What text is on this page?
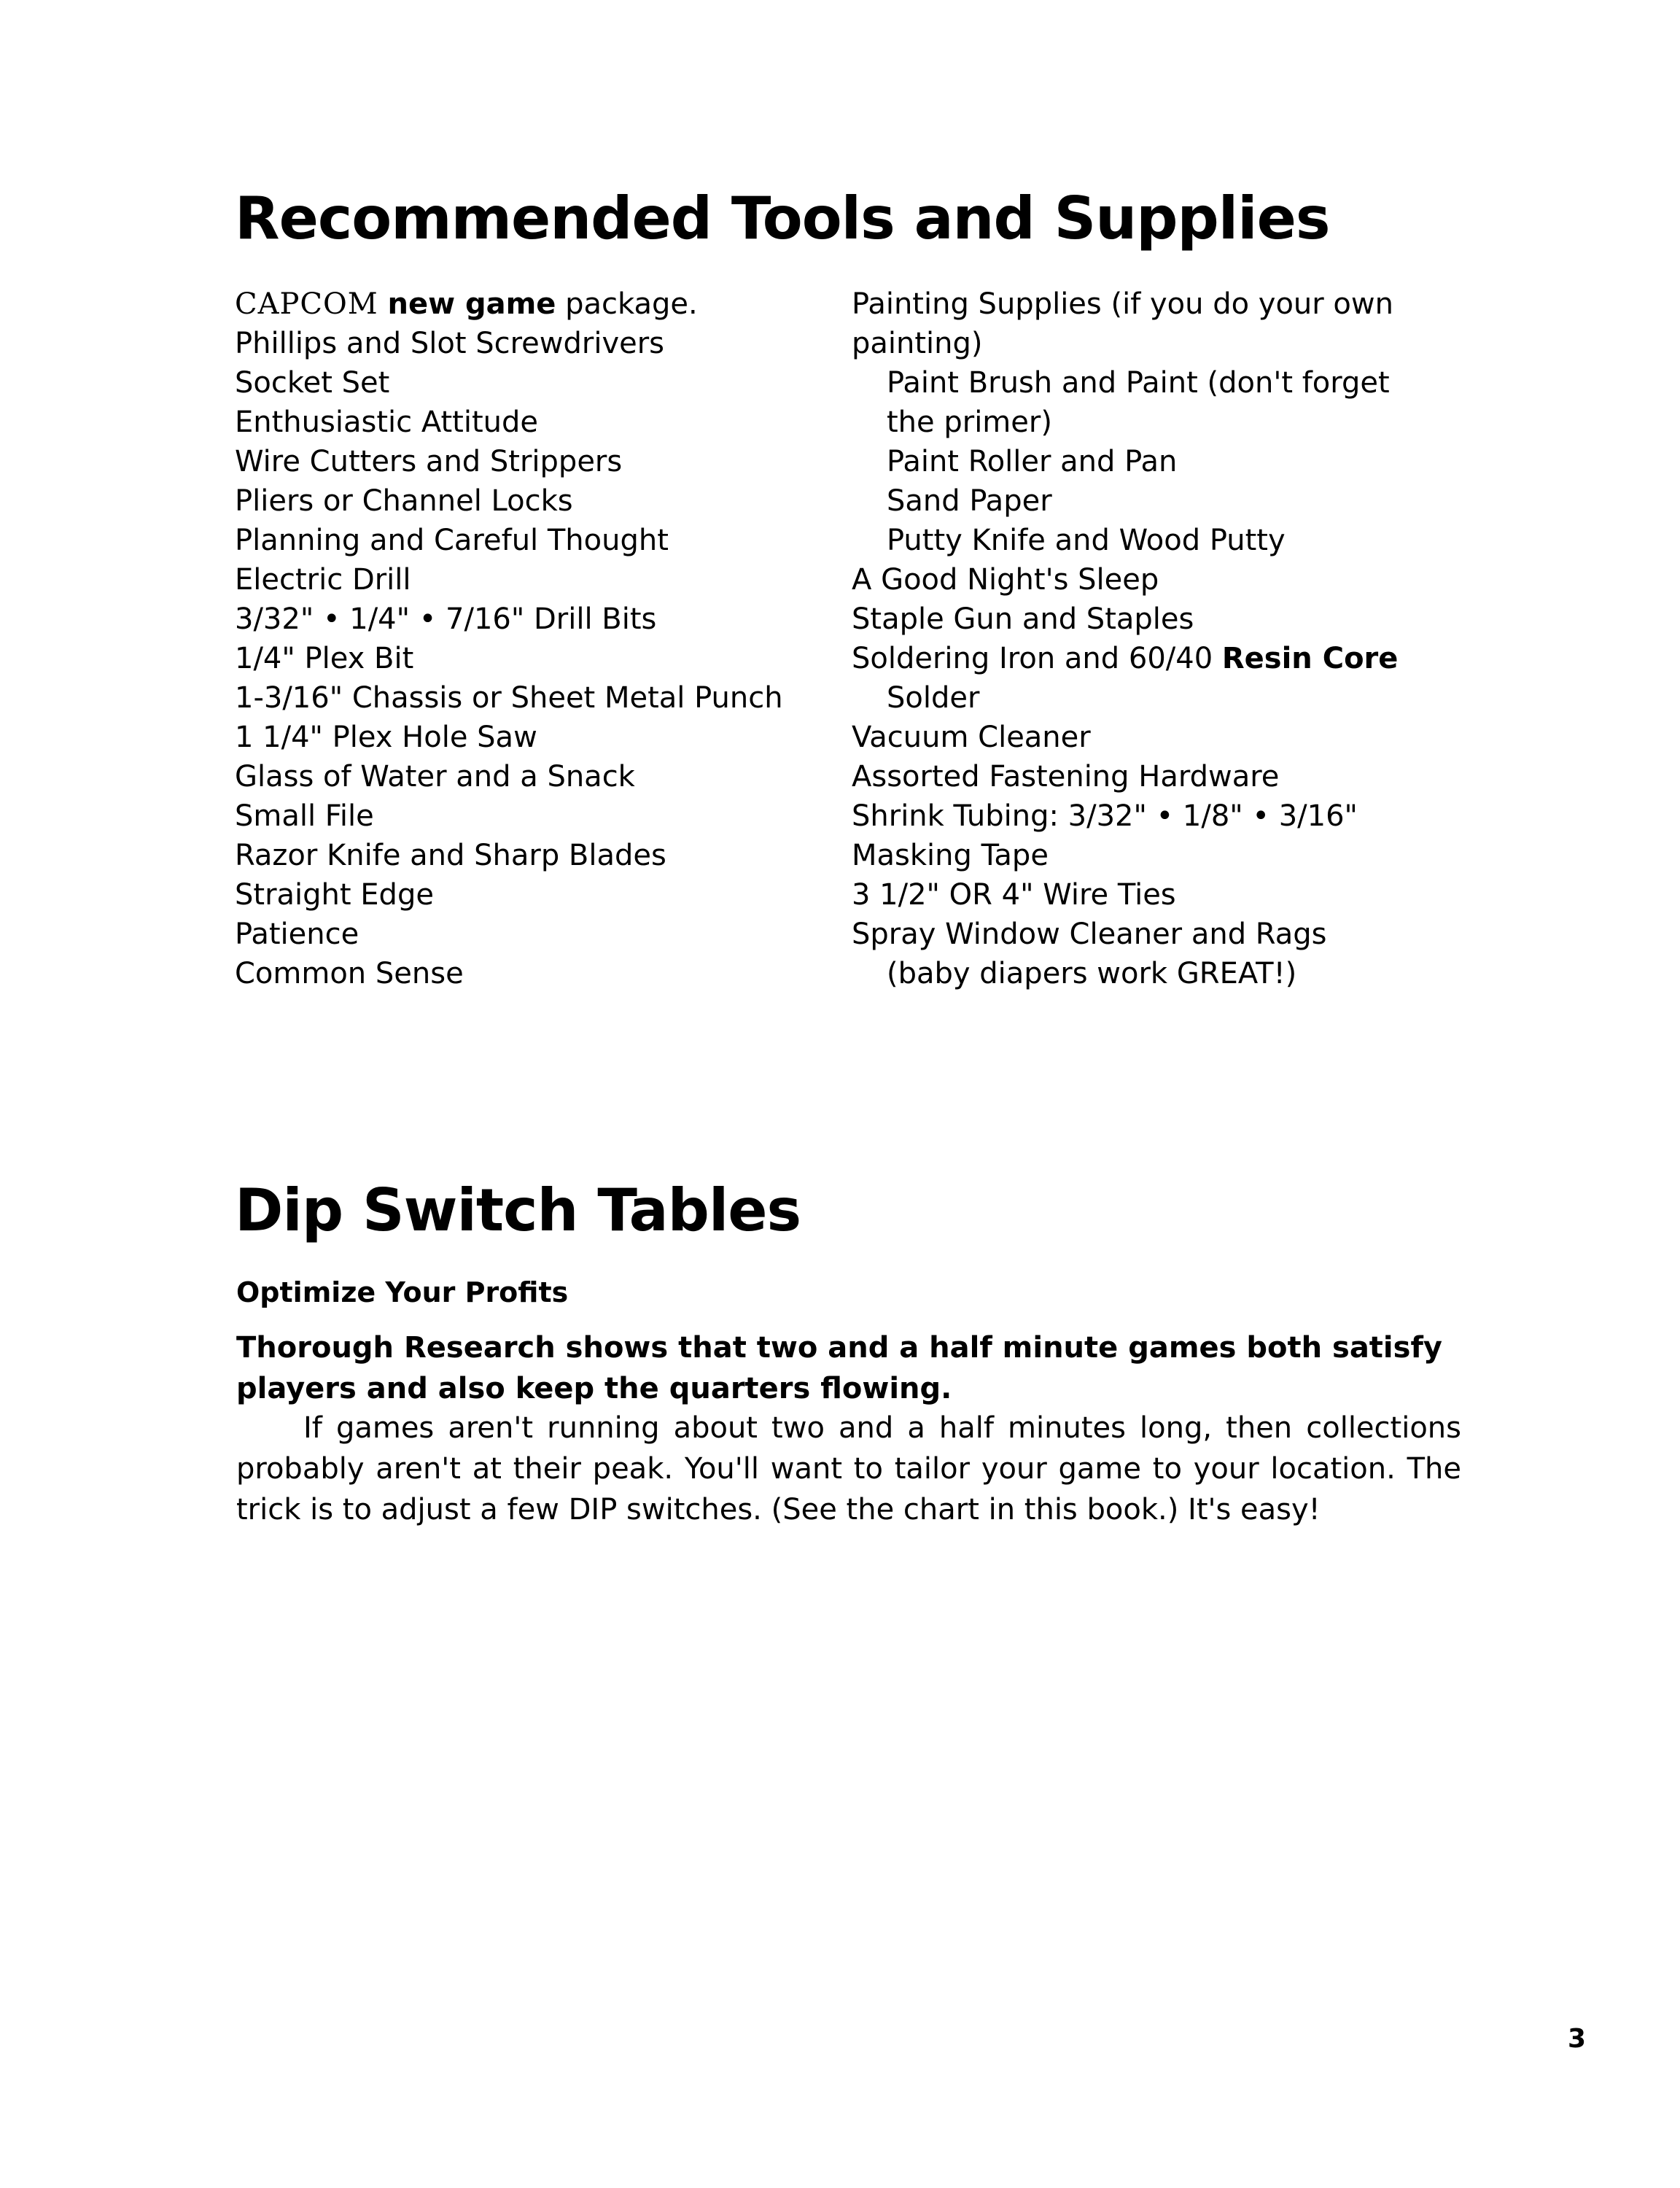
Recommended Tools and Supplies
CAPCOM new game package.
Phillips and Slot Screwdrivers
Socket Set
Enthusiastic Attitude
Wire Cutters and Strippers
Pliers or Channel Locks
Planning and Careful Thought
Electric Drill
3/32" • 1/4" • 7/16" Drill Bits
1/4" Plex Bit
1-3/16" Chassis or Sheet Metal Punch
1 1/4" Plex Hole Saw
Glass of Water and a Snack
Small File
Razor Knife and Sharp Blades
Straight Edge
Patience
Common Sense
Painting Supplies (if you do your own
painting)
Paint Brush and Paint (don't forget
the primer)
Paint Roller and Pan
Sand Paper
Putty Knife and Wood Putty
A Good Night's Sleep
Staple Gun and Staples
Soldering Iron and 60/40 Resin Core
Solder
Vacuum Cleaner
Assorted Fastening Hardware
Shrink Tubing: 3/32" • 1/8" • 3/16"
Masking Tape
3 1/2" OR 4" Wire Ties
Spray Window Cleaner and Rags
(baby diapers work GREAT!)
Dip Switch Tables
Optimize Your Profits
Thorough Research shows that two and a half minute games both satisfy players and also keep the quarters flowing.

If games aren't running about two and a half minutes long, then collections probably aren't at their peak. You'll want to tailor your game to your location. The trick is to adjust a few DIP switches. (See the chart in this book.) It's easy!

3
